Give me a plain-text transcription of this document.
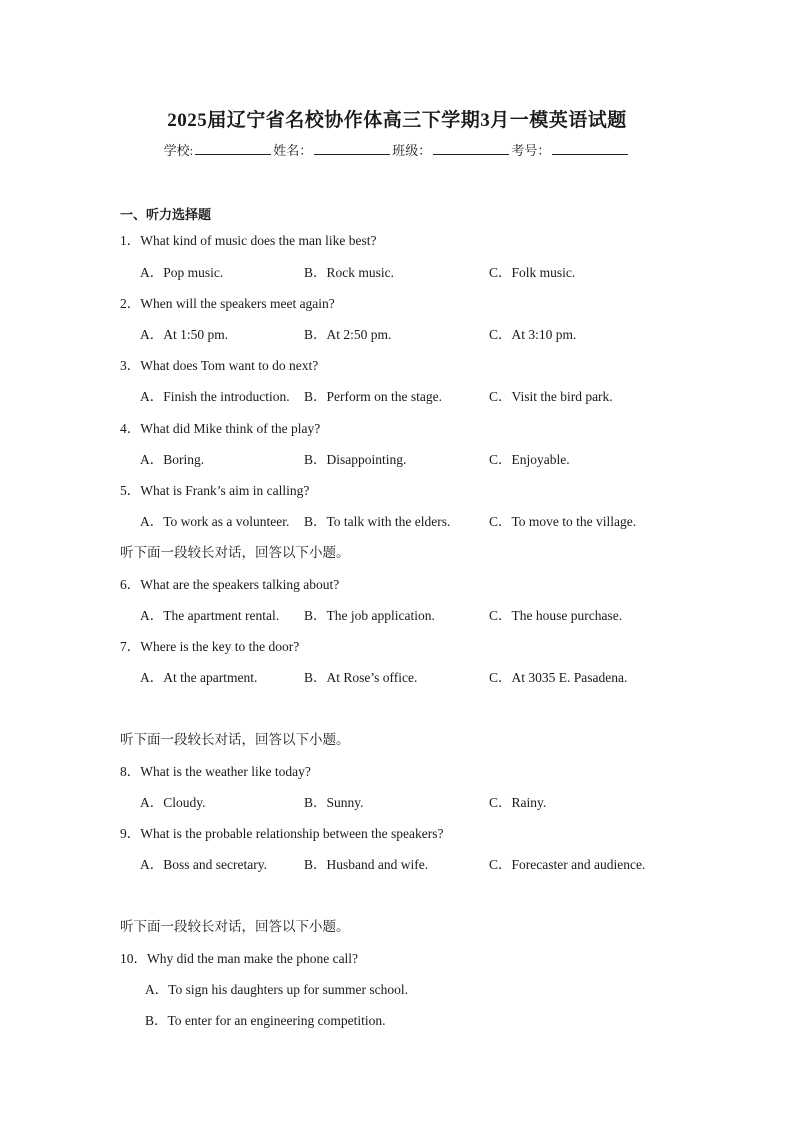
2025届辽宁省名校协作体高三下学期3月一模英语试题
学校:	姓名：	班级：	考号：
一、听力选择题
1．What kind of music does the man like best?
A．Pop music.	B．Rock music.	C．Folk music.
2．When will the speakers meet again?
A．At 1:50 pm.	B．At 2:50 pm.	C．At 3:10 pm.
3．What does Tom want to do next?
A．Finish the introduction. B．Perform on the stage.	C．Visit the bird park.
4．What did Mike think of the play?
A．Boring.	B．Disappointing.	C．Enjoyable.
5．What is Frank’s aim in calling?
A．To work as a volunteer. B．To talk with the elders.	C．To move to the village.
听下面一段较长对话，回答以下小题。
6．What are the speakers talking about?
A．The apartment rental. B．The job application.	C．The house purchase.
7．Where is the key to the door?
A．At the apartment.	B．At Rose’s office.	C．At 3035 E. Pasadena.
听下面一段较长对话，回答以下小题。
8．What is the weather like today?
A．Cloudy.	B．Sunny.	C．Rainy.
9．What is the probable relationship between the speakers?
A．Boss and secretary.	B．Husband and wife.	C．Forecaster and audience.
听下面一段较长对话，回答以下小题。
10．Why did the man make the phone call?
A．To sign his daughters up for summer school.
B．To enter for an engineering competition.
